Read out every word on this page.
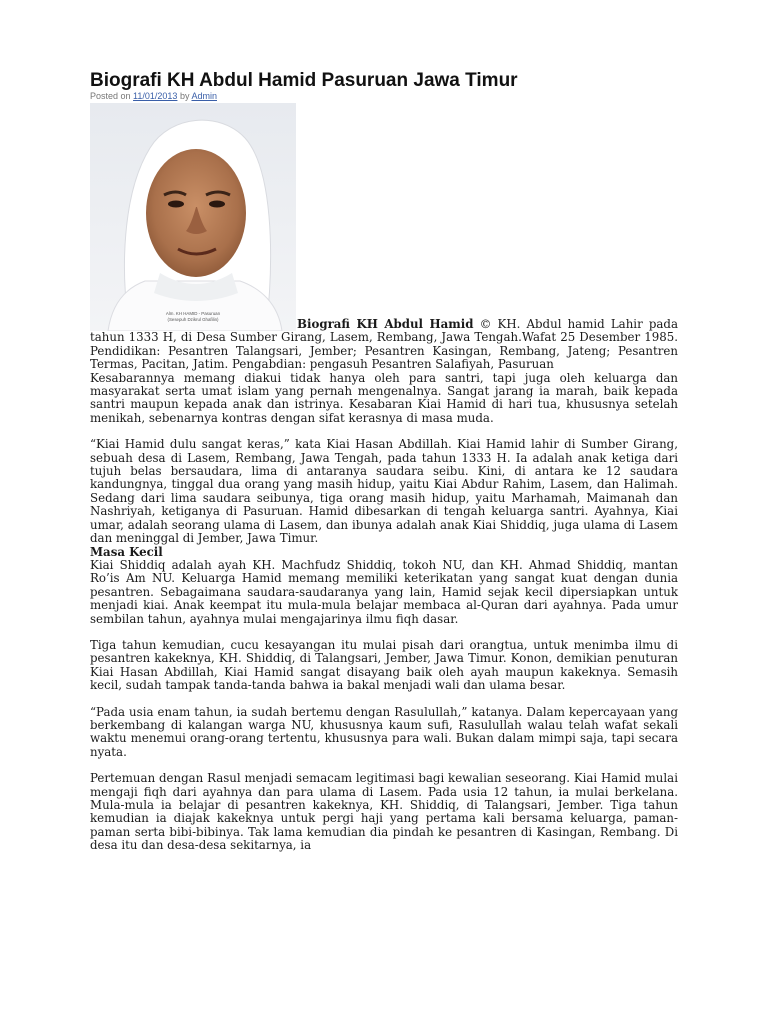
Biografi KH Abdul Hamid Pasuruan Jawa Timur
Posted on 11/01/2013 by Admin
Alm. KH HAMID - Pasuruan
(Sesepuh Dzikrul Ghafilin)	Biografi KH Abdul Hamid © KH. Abdul hamid Lahir pada tahun 1333 H, di Desa Sumber Girang, Lasem, Rembang, Jawa Tengah.Wafat 25 Desember 1985. Pendidikan: Pesantren Talangsari, Jember; Pesantren Kasingan, Rembang, Jateng; Pesantren Termas, Pacitan, Jatim. Pengabdian: pengasuh Pesantren Salafiyah, Pasuruan

Kesabarannya memang diakui tidak hanya oleh para santri, tapi juga oleh keluarga dan masyarakat serta umat islam yang pernah mengenalnya. Sangat jarang ia marah, baik kepada santri maupun kepada anak dan istrinya. Kesabaran Kiai Hamid di hari tua, khususnya setelah menikah, sebenarnya kontras dengan sifat kerasnya di masa muda.

“Kiai Hamid dulu sangat keras,” kata Kiai Hasan Abdillah. Kiai Hamid lahir di Sumber Girang, sebuah desa di Lasem, Rembang, Jawa Tengah, pada tahun 1333 H. Ia adalah anak ketiga dari tujuh belas bersaudara, lima di antaranya saudara seibu. Kini, di antara ke 12 saudara kandungnya, tinggal dua orang yang masih hidup, yaitu Kiai Abdur Rahim, Lasem, dan Halimah. Sedang dari lima saudara seibunya, tiga orang masih hidup, yaitu Marhamah, Maimanah dan Nashriyah, ketiganya di Pasuruan. Hamid dibesarkan di tengah keluarga santri. Ayahnya, Kiai umar, adalah seorang ulama di Lasem, dan ibunya adalah anak Kiai Shiddiq, juga ulama di Lasem dan meninggal di Jember, Jawa Timur.

Masa Kecil

Kiai Shiddiq adalah ayah KH. Machfudz Shiddiq, tokoh NU, dan KH. Ahmad Shiddiq, mantan Ro’is Am NU. Keluarga Hamid memang memiliki keterikatan yang sangat kuat dengan dunia pesantren. Sebagaimana saudara-saudaranya yang lain, Hamid sejak kecil dipersiapkan untuk menjadi kiai. Anak keempat itu mula-mula belajar membaca al-Quran dari ayahnya. Pada umur sembilan tahun, ayahnya mulai mengajarinya ilmu fiqh dasar.

Tiga tahun kemudian, cucu kesayangan itu mulai pisah dari orangtua, untuk menimba ilmu di pesantren kakeknya, KH. Shiddiq, di Talangsari, Jember, Jawa Timur. Konon, demikian penuturan Kiai Hasan Abdillah, Kiai Hamid sangat disayang baik oleh ayah maupun kakeknya. Semasih kecil, sudah tampak tanda-tanda bahwa ia bakal menjadi wali dan ulama besar.

“Pada usia enam tahun, ia sudah bertemu dengan Rasulullah,” katanya. Dalam kepercayaan yang berkembang di kalangan warga NU, khususnya kaum sufi, Rasulullah walau telah wafat sekali waktu menemui orang-orang tertentu, khususnya para wali. Bukan dalam mimpi saja, tapi secara nyata.

Pertemuan dengan Rasul menjadi semacam legitimasi bagi kewalian seseorang. Kiai Hamid mulai mengaji fiqh dari ayahnya dan para ulama di Lasem. Pada usia 12 tahun, ia mulai berkelana. Mula-mula ia belajar di pesantren kakeknya, KH. Shiddiq, di Talangsari, Jember. Tiga tahun kemudian ia diajak kakeknya untuk pergi haji yang pertama kali bersama keluarga, paman-paman serta bibi-bibinya. Tak lama kemudian dia pindah ke pesantren di Kasingan, Rembang. Di desa itu dan desa-desa sekitarnya, ia
